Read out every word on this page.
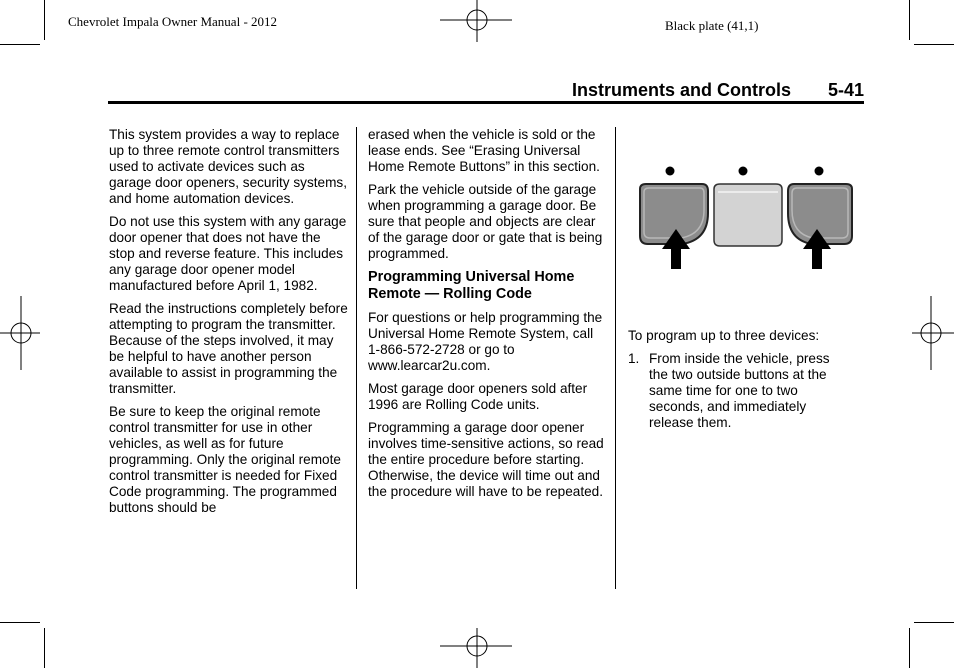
Chevrolet Impala Owner Manual - 2012	Black plate (41,1)
Instruments and Controls 5-41

This system provides a way to replace up to three remote control transmitters used to activate devices such as garage door openers, security systems, and home automation devices.

Do not use this system with any garage door opener that does not have the stop and reverse feature. This includes any garage door opener model manufactured before April 1, 1982.

Read the instructions completely before attempting to program the transmitter. Because of the steps involved, it may be helpful to have another person available to assist in programming the transmitter.

Be sure to keep the original remote control transmitter for use in other vehicles, as well as for future programming. Only the original remote control transmitter is needed for Fixed Code programming. The programmed buttons should be

erased when the vehicle is sold or the lease ends. See “Erasing Universal Home Remote Buttons” in this section.

Park the vehicle outside of the garage when programming a garage door. Be sure that people and objects are clear of the garage door or gate that is being programmed.

Programming Universal Home Remote — Rolling Code

For questions or help programming the Universal Home Remote System, call 1-866-572-2728 or go to www.learcar2u.com.

Most garage door openers sold after 1996 are Rolling Code units.

Programming a garage door opener involves time-sensitive actions, so read the entire procedure before starting. Otherwise, the device will time out and the procedure will have to be repeated.

To program up to three devices:

1. From inside the vehicle, press the two outside buttons at the same time for one to two seconds, and immediately release them.
